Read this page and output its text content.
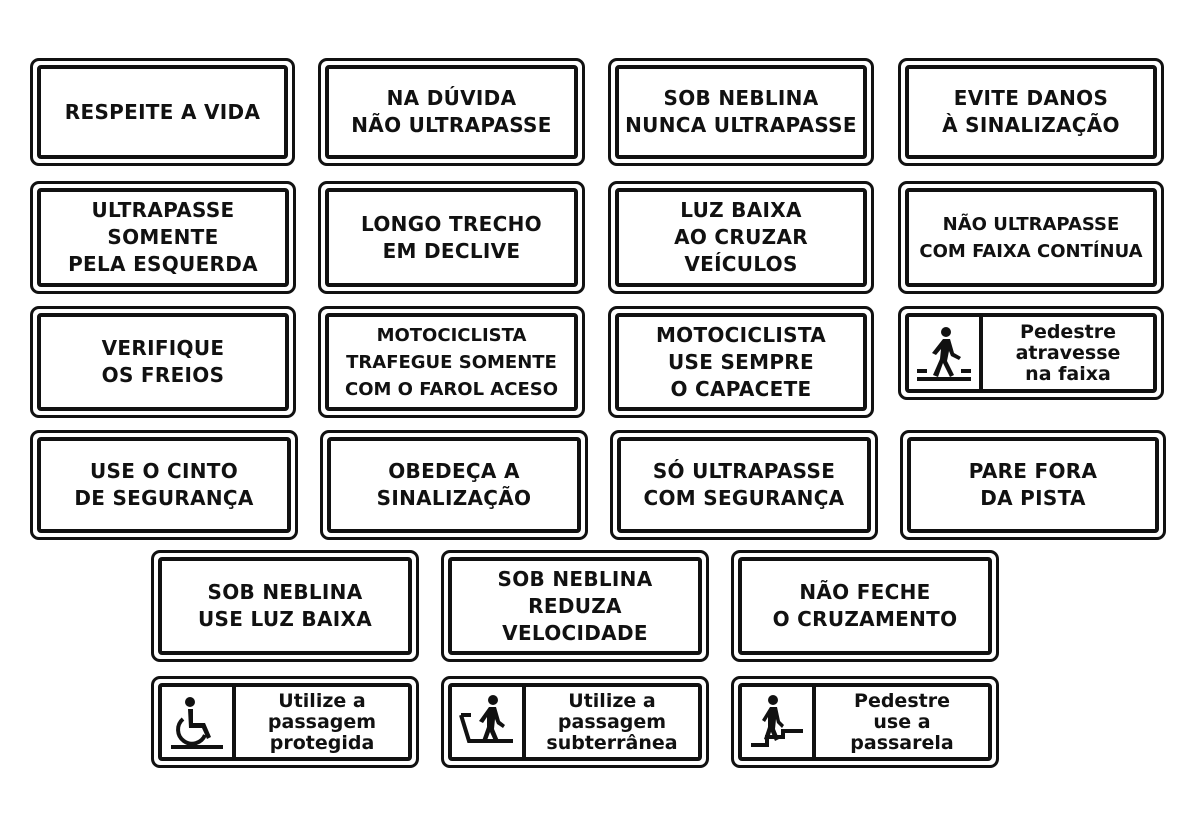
RESPEITE A VIDA
NA DÚVIDA
NÃO ULTRAPASSE
SOB NEBLINA
NUNCA ULTRAPASSE
EVITE DANOS
À SINALIZAÇÃO
ULTRAPASSE
SOMENTE
PELA ESQUERDA
LONGO TRECHO
EM DECLIVE
LUZ BAIXA
AO CRUZAR
VEÍCULOS
NÃO ULTRAPASSE
COM FAIXA CONTÍNUA
VERIFIQUE
OS FREIOS
MOTOCICLISTA
TRAFEGUE SOMENTE
COM O FAROL ACESO
MOTOCICLISTA
USE SEMPRE
O CAPACETE
Pedestre
atravesse
na faixa
USE O CINTO
DE SEGURANÇA
OBEDEÇA A
SINALIZAÇÃO
SÓ ULTRAPASSE
COM SEGURANÇA
PARE FORA
DA PISTA
SOB NEBLINA
USE LUZ BAIXA
SOB NEBLINA
REDUZA
VELOCIDADE
NÃO FECHE
O CRUZAMENTO
Utilize a
passagem
protegida
Utilize a
passagem
subterrânea
Pedestre
use a
passarela
